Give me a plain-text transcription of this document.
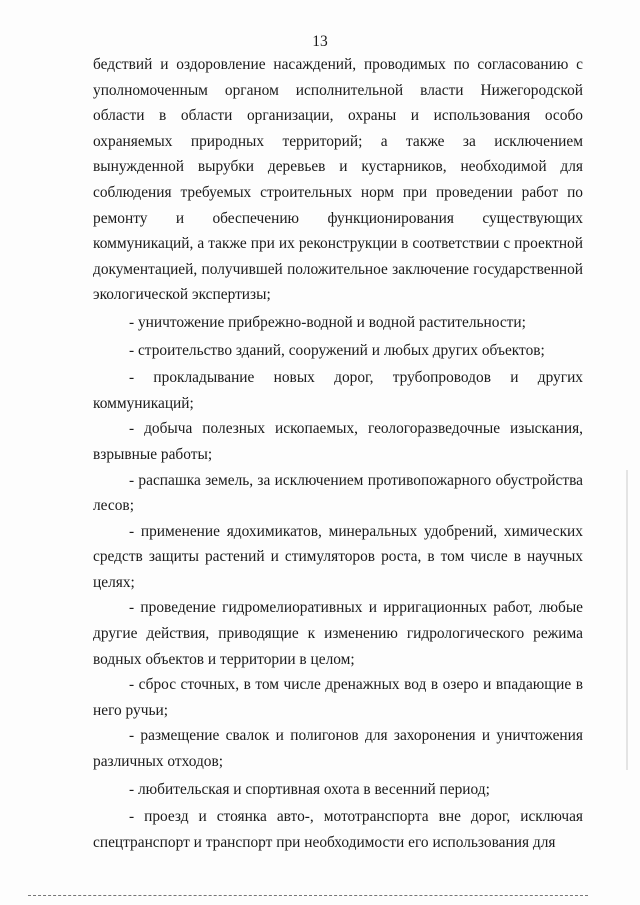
13

бедствий и оздоровление насаждений, проводимых по согласованию с уполномоченным органом исполнительной власти Нижегородской области в области организации, охраны и использования особо охраняемых природных территорий; а также за исключением вынужденной вырубки деревьев и кустарников, необходимой для соблюдения требуемых строительных норм при проведении работ по ремонту и обеспечению функционирования существующих коммуникаций, а также при их реконструкции в соответствии с проектной документацией, получившей положительное заключение государственной экологической экспертизы;

- уничтожение прибрежно-водной и водной растительности;

- строительство зданий, сооружений и любых других объектов;

- прокладывание новых дорог, трубопроводов и других коммуникаций;

- добыча полезных ископаемых, геологоразведочные изыскания, взрывные работы;

- распашка земель, за исключением противопожарного обустройства лесов;

- применение ядохимикатов, минеральных удобрений, химических средств защиты растений и стимуляторов роста, в том числе в научных целях;

- проведение гидромелиоративных и ирригационных работ, любые другие действия, приводящие к изменению гидрологического режима водных объектов и территории в целом;

- сброс сточных, в том числе дренажных вод в озеро и впадающие в него ручьи;

- размещение свалок и полигонов для захоронения и уничтожения различных отходов;

- любительская и спортивная охота в весенний период;

- проезд и стоянка авто-, мототранспорта вне дорог, исключая спецтранспорт и транспорт при необходимости его использования для
